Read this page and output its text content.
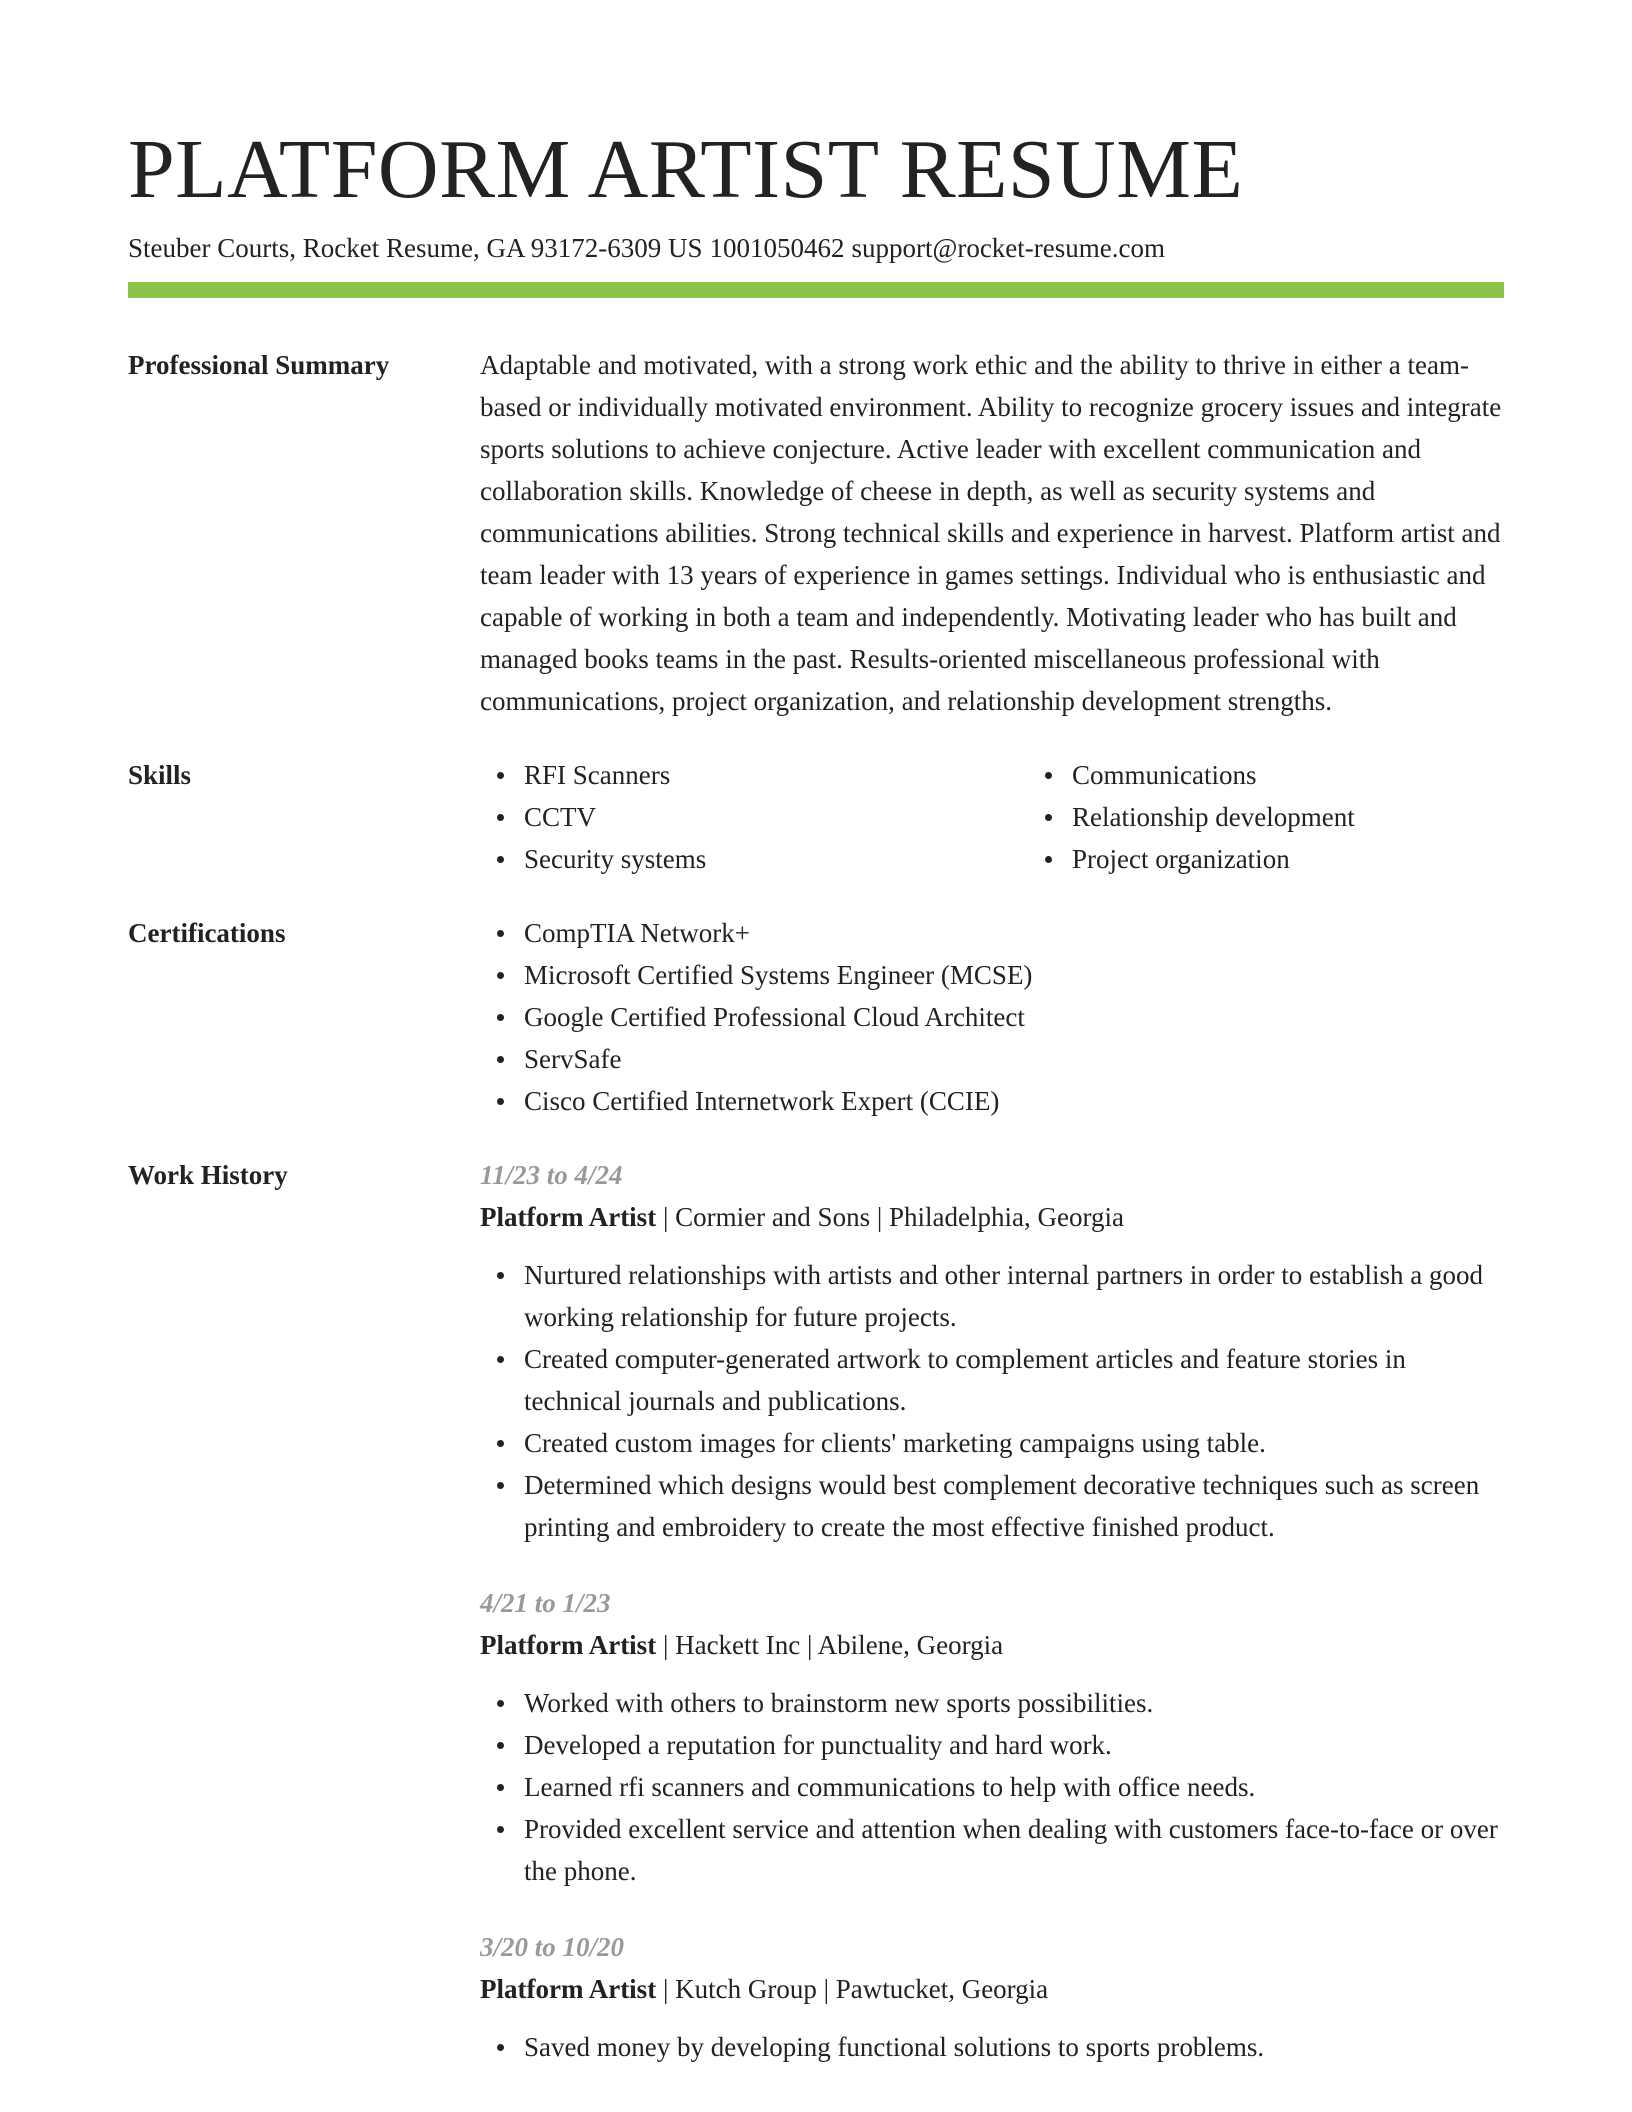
PLATFORM ARTIST RESUME
Steuber Courts, Rocket Resume, GA 93172-6309 US 1001050462 support@rocket-resume.com
Professional Summary	Adaptable and motivated, with a strong work ethic and the ability to thrive in either a team-based or individually motivated environment. Ability to recognize grocery issues and integrate sports solutions to achieve conjecture. Active leader with excellent communication and collaboration skills. Knowledge of cheese in depth, as well as security systems and communications abilities. Strong technical skills and experience in harvest. Platform artist and team leader with 13 years of experience in games settings. Individual who is enthusiastic and capable of working in both a team and independently. Motivating leader who has built and managed books teams in the past. Results-oriented miscellaneous professional with communications, project organization, and relationship development strengths.
Skills	RFI Scanners
CCTV
Security systems
Communications
Relationship development
Project organization
Certifications	CompTIA Network+
Microsoft Certified Systems Engineer (MCSE)
Google Certified Professional Cloud Architect
ServSafe
Cisco Certified Internetwork Expert (CCIE)
Work History	11/23 to 4/24
Platform Artist | Cormier and Sons | Philadelphia, Georgia
Nurtured relationships with artists and other internal partners in order to establish a good working relationship for future projects.
Created computer-generated artwork to complement articles and feature stories in technical journals and publications.
Created custom images for clients' marketing campaigns using table.
Determined which designs would best complement decorative techniques such as screen printing and embroidery to create the most effective finished product.
4/21 to 1/23
Platform Artist | Hackett Inc | Abilene, Georgia
Worked with others to brainstorm new sports possibilities.
Developed a reputation for punctuality and hard work.
Learned rfi scanners and communications to help with office needs.
Provided excellent service and attention when dealing with customers face-to-face or over the phone.
3/20 to 10/20
Platform Artist | Kutch Group | Pawtucket, Georgia
Saved money by developing functional solutions to sports problems.
